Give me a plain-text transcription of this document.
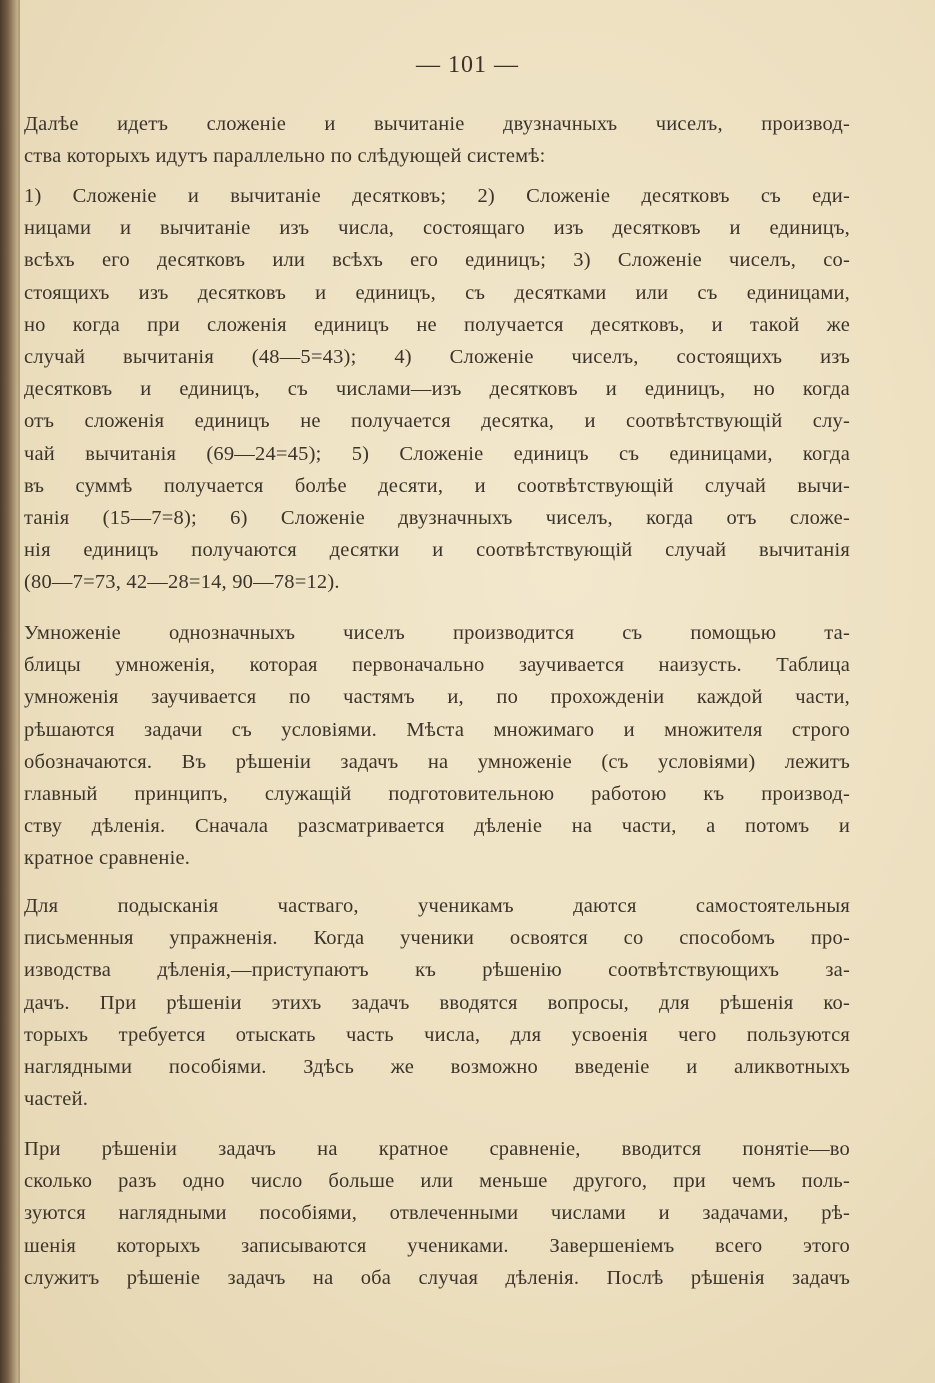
— 101 —
Далѣе идетъ сложеніе и вычитаніе двузначныхъ чиселъ, производ-
ства которыхъ идутъ параллельно по слѣдующей системѣ:
1) Сложеніе и вычитаніе десятковъ; 2) Сложеніе десятковъ съ еди-
ницами и вычитаніе изъ числа, состоящаго изъ десятковъ и единицъ,
всѣхъ его десятковъ или всѣхъ его единицъ; 3) Сложеніе чиселъ, со-
стоящихъ изъ десятковъ и единицъ, съ десятками или съ единицами,
но когда при сложенія единицъ не получается десятковъ, и такой же
случай вычитанія (48—5=43); 4) Сложеніе чиселъ, состоящихъ изъ
десятковъ и единицъ, съ числами—изъ десятковъ и единицъ, но когда
отъ сложенія единицъ не получается десятка, и соотвѣтствующій слу-
чай вычитанія (69—24=45); 5) Сложеніе единицъ съ единицами, когда
въ суммѣ получается болѣе десяти, и соотвѣтствующій случай вычи-
танія (15—7=8); 6) Сложеніе двузначныхъ чиселъ, когда отъ сложе-
нія единицъ получаются десятки и соотвѣтствующій случай вычитанія
(80—7=73, 42—28=14, 90—78=12).
Умноженіе однозначныхъ чиселъ производится съ помощью та-
блицы умноженія, которая первоначально заучивается наизусть. Таблица
умноженія заучивается по частямъ и, по прохожденіи каждой части,
рѣшаются задачи съ условіями. Мѣста множимаго и множителя строго
обозначаются. Въ рѣшеніи задачъ на умноженіе (съ условіями) лежитъ
главный принципъ, служащій подготовительною работою къ производ-
ству дѣленія. Сначала разсматривается дѣленіе на части, а потомъ и
кратное сравненіе.
Для подысканія частваго, ученикамъ даются самостоятельныя
письменныя упражненія. Когда ученики освоятся со способомъ про-
изводства дѣленія,—приступаютъ къ рѣшенію соотвѣтствующихъ за-
дачъ. При рѣшеніи этихъ задачъ вводятся вопросы, для рѣшенія ко-
торыхъ требуется отыскать часть числа, для усвоенія чего пользуются
наглядными пособіями. Здѣсь же возможно введеніе и аликвотныхъ
частей.
При рѣшеніи задачъ на кратное сравненіе, вводится понятіе—во
сколько разъ одно число больше или меньше другого, при чемъ поль-
зуются наглядными пособіями, отвлеченными числами и задачами, рѣ-
шенія которыхъ записываются учениками. Завершеніемъ всего этого
служитъ рѣшеніе задачъ на оба случая дѣленія. Послѣ рѣшенія задачъ
